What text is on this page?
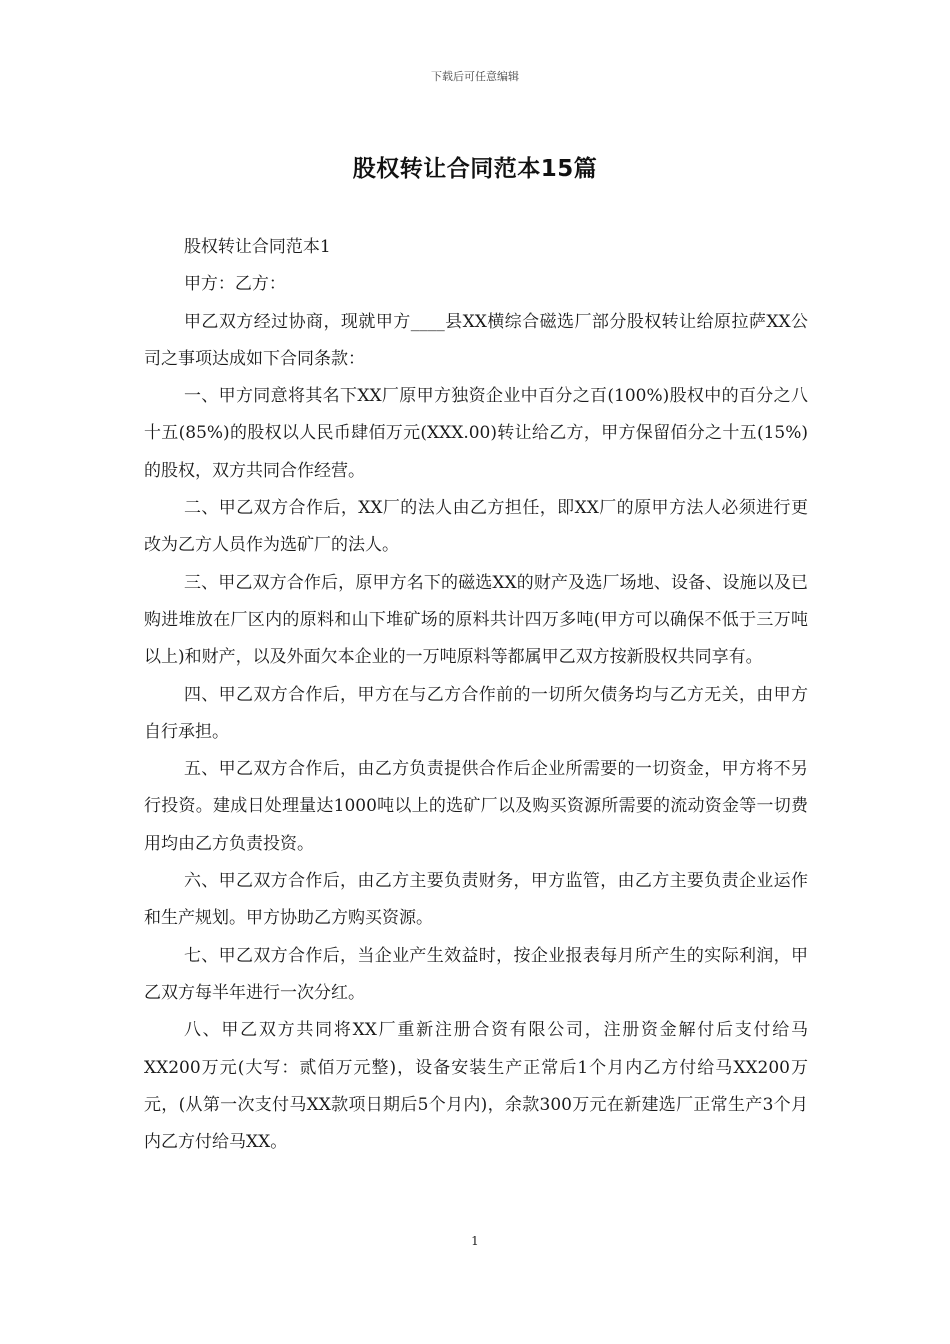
下载后可任意编辑
股权转让合同范本15篇

股权转让合同范本1

甲方：乙方：

甲乙双方经过协商，现就甲方____县XX横综合磁选厂部分股权转让给原拉萨XX公司之事项达成如下合同条款：

一、甲方同意将其名下XX厂原甲方独资企业中百分之百(100%)股权中的百分之八十五(85%)的股权以人民币肆佰万元(XXX.00)转让给乙方，甲方保留佰分之十五(15%)的股权，双方共同合作经营。

二、甲乙双方合作后，XX厂的法人由乙方担任，即XX厂的原甲方法人必须进行更改为乙方人员作为选矿厂的法人。

三、甲乙双方合作后，原甲方名下的磁选XX的财产及选厂场地、设备、设施以及已购进堆放在厂区内的原料和山下堆矿场的原料共计四万多吨(甲方可以确保不低于三万吨以上)和财产，以及外面欠本企业的一万吨原料等都属甲乙双方按新股权共同享有。

四、甲乙双方合作后，甲方在与乙方合作前的一切所欠债务均与乙方无关，由甲方自行承担。

五、甲乙双方合作后，由乙方负责提供合作后企业所需要的一切资金，甲方将不另行投资。建成日处理量达1000吨以上的选矿厂以及购买资源所需要的流动资金等一切费用均由乙方负责投资。

六、甲乙双方合作后，由乙方主要负责财务，甲方监管，由乙方主要负责企业运作和生产规划。甲方协助乙方购买资源。

七、甲乙双方合作后，当企业产生效益时，按企业报表每月所产生的实际利润，甲乙双方每半年进行一次分红。

八、甲乙双方共同将XX厂重新注册合资有限公司，注册资金解付后支付给马XX200万元(大写：贰佰万元整)，设备安装生产正常后1个月内乙方付给马XX200万元，(从第一次支付马XX款项日期后5个月内)，余款300万元在新建选厂正常生产3个月内乙方付给马XX。

1
